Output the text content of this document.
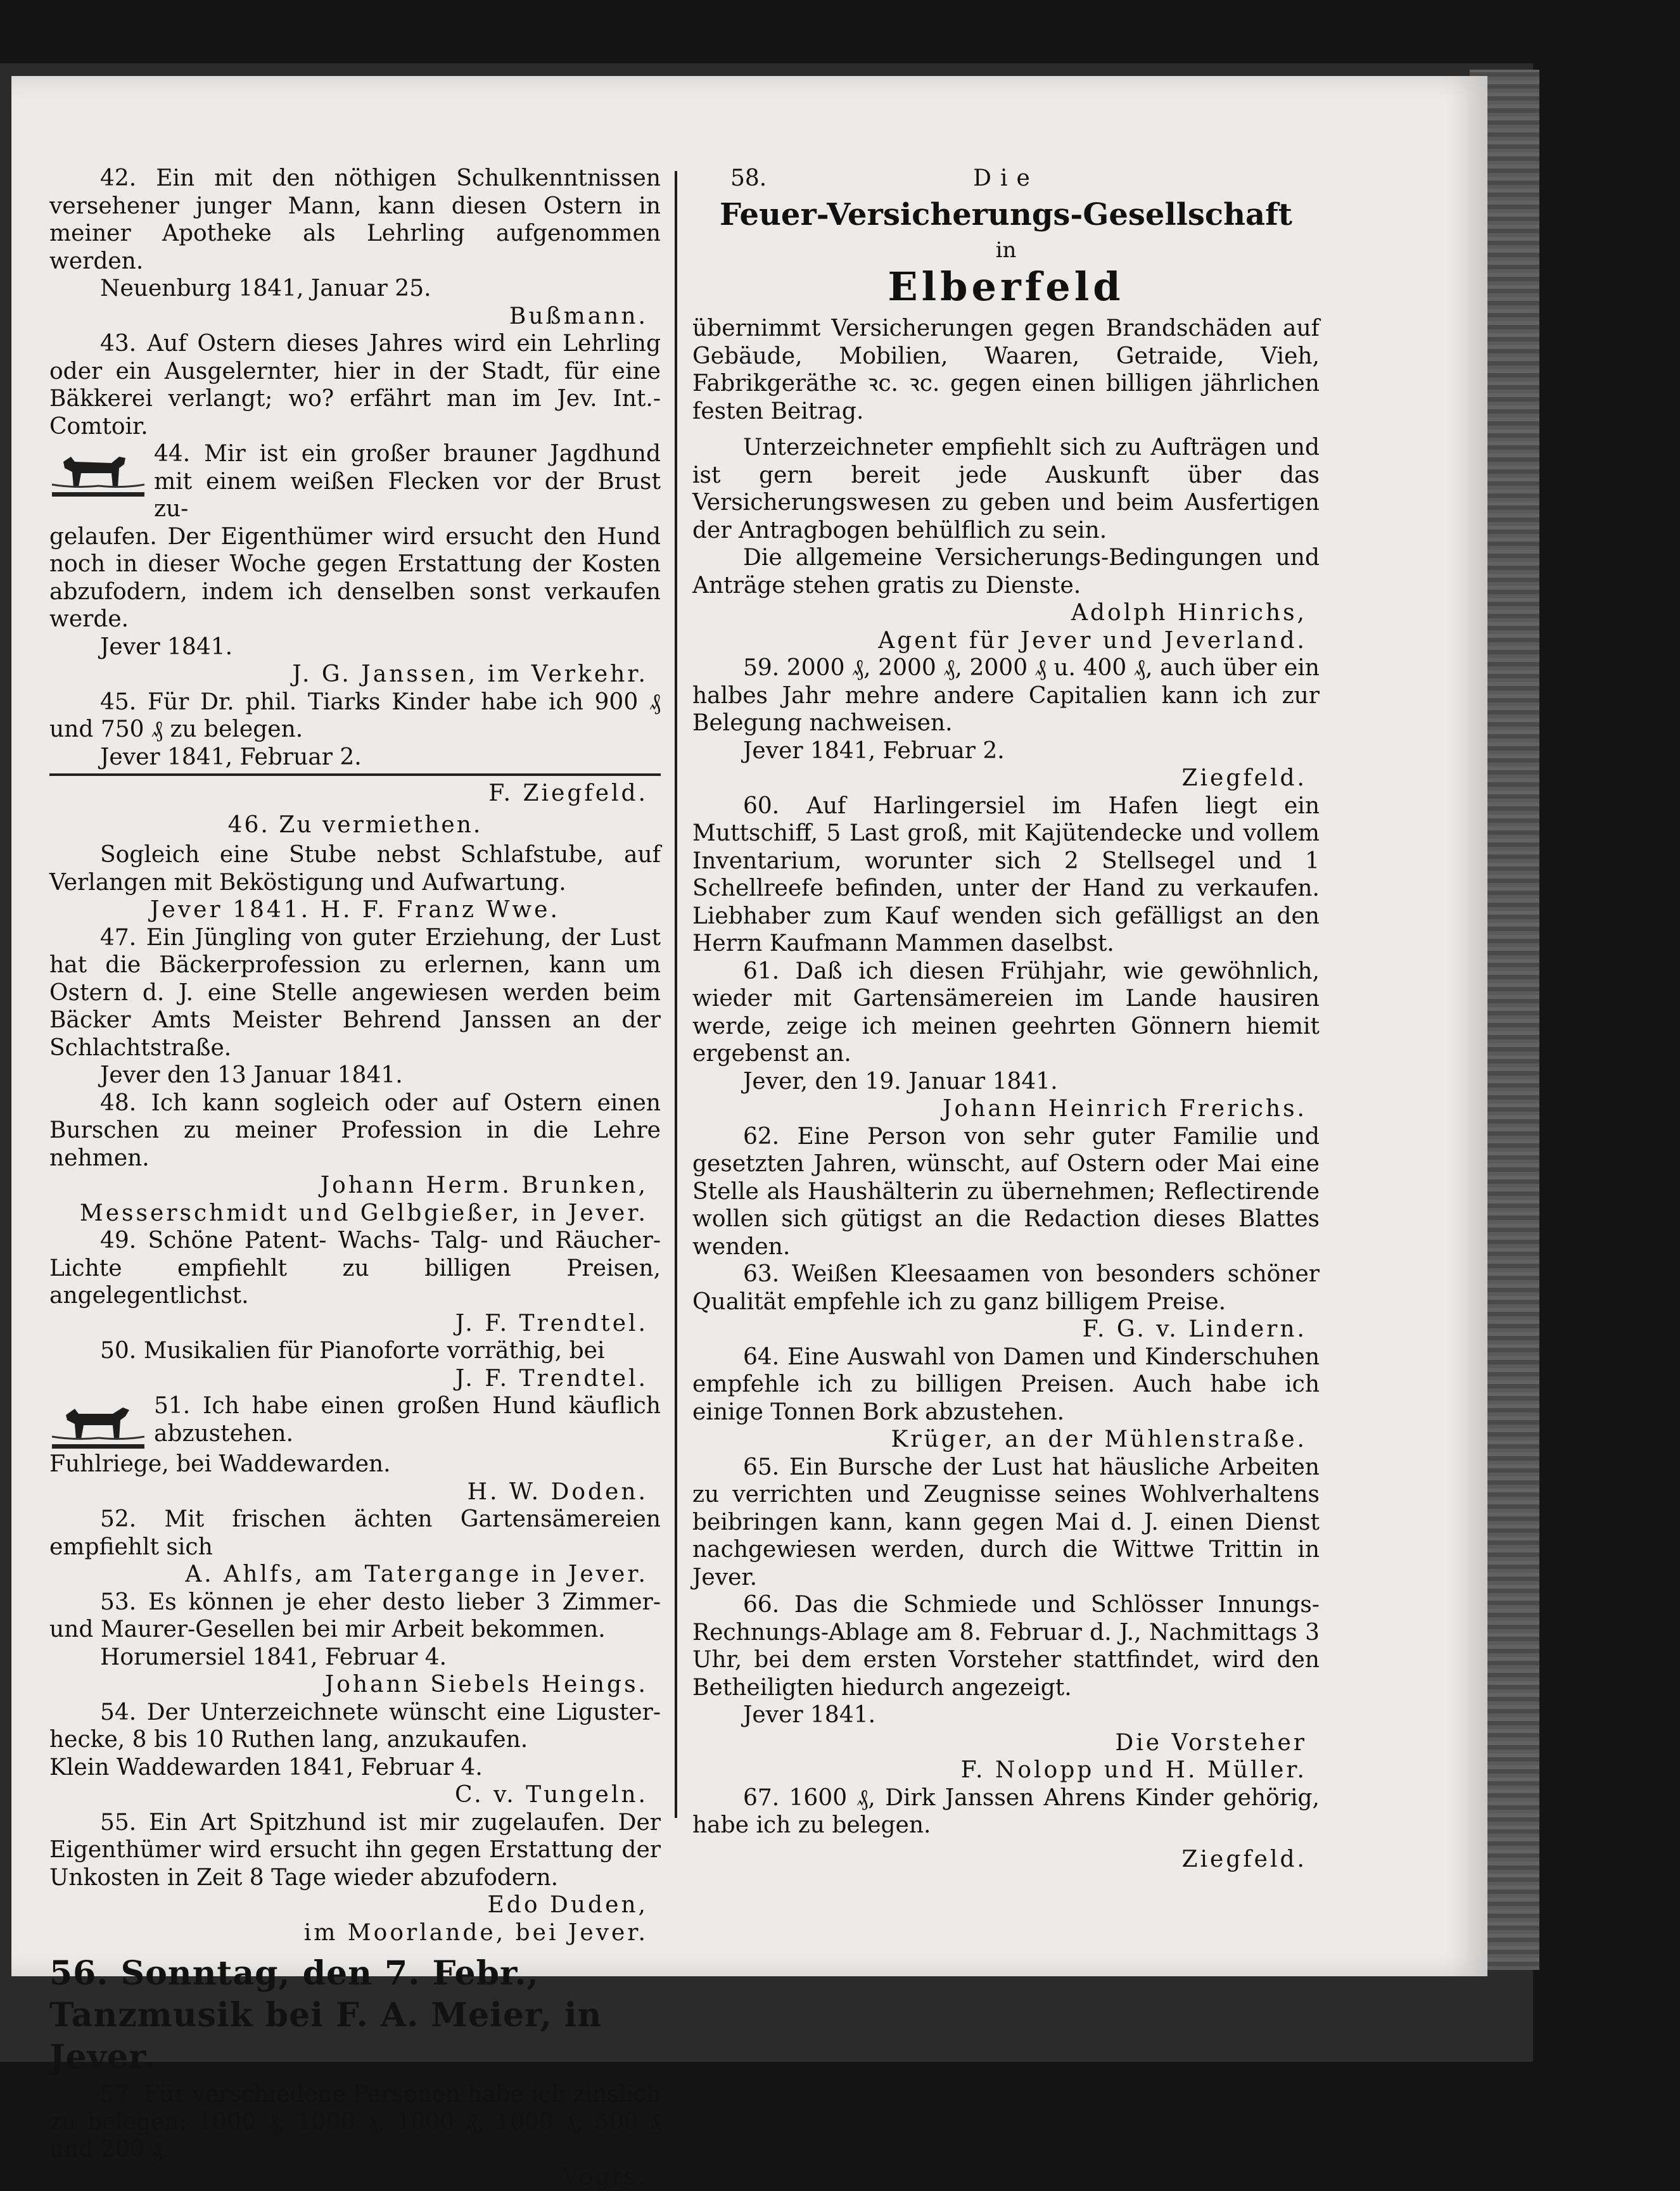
42. Ein mit den nöthigen Schulkenntnissen versehener junger Mann, kann diesen Ostern in meiner Apotheke als Lehrling aufgenommen werden.

Neuenburg 1841, Januar 25.

Bußmann.

43. Auf Ostern dieses Jahres wird ein Lehrling oder ein Ausgelernter, hier in der Stadt, für eine Bäkkerei verlangt; wo? erfährt man im Jev. Int.-Comtoir.

44. Mir ist ein großer brauner Jagdhund mit einem weißen Flecken vor der Brust zu-

gelaufen. Der Eigenthümer wird ersucht den Hund noch in dieser Woche gegen Erstattung der Kosten abzufodern, indem ich denselben sonst verkaufen werde.

Jever 1841.

J. G. Janssen, im Verkehr.

45. Für Dr. phil. Tiarks Kinder habe ich 900 ₰ und 750 ₰ zu belegen.

Jever 1841, Februar 2.

F. Ziegfeld.

46. Zu vermiethen.

Sogleich eine Stube nebst Schlafstube, auf Verlangen mit Beköstigung und Aufwartung.

Jever 1841. H. F. Franz Wwe.

47. Ein Jüngling von guter Erziehung, der Lust hat die Bäckerprofession zu erlernen, kann um Ostern d. J. eine Stelle angewiesen werden beim Bäcker Amts Meister Behrend Janssen an der Schlachtstraße.

Jever den 13 Januar 1841.

48. Ich kann sogleich oder auf Ostern einen Burschen zu meiner Profession in die Lehre nehmen.

Johann Herm. Brunken,

Messerschmidt und Gelbgießer, in Jever.

49. Schöne Patent- Wachs- Talg- und Räucher-Lichte empfiehlt zu billigen Preisen, angelegentlichst.

J. F. Trendtel.

50. Musikalien für Pianoforte vorräthig, bei

J. F. Trendtel.

51. Ich habe einen großen Hund käuflich abzustehen.

Fuhlriege, bei Waddewarden.

H. W. Doden.

52. Mit frischen ächten Gartensämereien empfiehlt sich

A. Ahlfs, am Tatergange in Jever.

53. Es können je eher desto lieber 3 Zimmer- und Maurer-Gesellen bei mir Arbeit bekommen.

Horumersiel 1841, Februar 4.

Johann Siebels Heings.

54. Der Unterzeichnete wünscht eine Ligusterhecke, 8 bis 10 Ruthen lang, anzukaufen.

Klein Waddewarden 1841, Februar 4.

C. v. Tungeln.

55. Ein Art Spitzhund ist mir zugelaufen. Der Eigenthümer wird ersucht ihn gegen Erstattung der Unkosten in Zeit 8 Tage wieder abzufodern.

Edo Duden,

im Moorlande, bei Jever.

56. Sonntag, den 7. Febr., Tanzmusik bei F. A. Meier, in Jever.

57. Für verschiedene Personen habe ich zinslich zu belegen: 1000 ₰, 1000 ₰, 1000 ₰, 1000 ₰, 500 ₰ und 200 ₰.

Vogts.

58.	Die

Feuer-Versicherungs-Gesellschaft

in

Elberfeld

übernimmt Versicherungen gegen Brandschäden auf Gebäude, Mobilien, Waaren, Getraide, Vieh, Fabrikgeräthe ꝛc. ꝛc. gegen einen billigen jährlichen festen Beitrag.

Unterzeichneter empfiehlt sich zu Aufträgen und ist gern bereit jede Auskunft über das Versicherungswesen zu geben und beim Ausfertigen der Antragbogen behülflich zu sein.

Die allgemeine Versicherungs-Bedingungen und Anträge stehen gratis zu Dienste.

Adolph Hinrichs,

Agent für Jever und Jeverland.

59. 2000 ₰, 2000 ₰, 2000 ₰ u. 400 ₰, auch über ein halbes Jahr mehre andere Capitalien kann ich zur Belegung nachweisen.

Jever 1841, Februar 2.

Ziegfeld.

60. Auf Harlingersiel im Hafen liegt ein Muttschiff, 5 Last groß, mit Kajütendecke und vollem Inventarium, worunter sich 2 Stellsegel und 1 Schellreefe befinden, unter der Hand zu verkaufen. Liebhaber zum Kauf wenden sich gefälligst an den Herrn Kaufmann Mammen daselbst.

61. Daß ich diesen Frühjahr, wie gewöhnlich, wieder mit Gartensämereien im Lande hausiren werde, zeige ich meinen geehrten Gönnern hiemit ergebenst an.

Jever, den 19. Januar 1841.

Johann Heinrich Frerichs.

62. Eine Person von sehr guter Familie und gesetzten Jahren, wünscht, auf Ostern oder Mai eine Stelle als Haushälterin zu übernehmen; Reflectirende wollen sich gütigst an die Redaction dieses Blattes wenden.

63. Weißen Kleesaamen von besonders schöner Qualität empfehle ich zu ganz billigem Preise.

F. G. v. Lindern.

64. Eine Auswahl von Damen und Kinderschuhen empfehle ich zu billigen Preisen. Auch habe ich einige Tonnen Bork abzustehen.

Krüger, an der Mühlenstraße.

65. Ein Bursche der Lust hat häusliche Arbeiten zu verrichten und Zeugnisse seines Wohlverhaltens beibringen kann, kann gegen Mai d. J. einen Dienst nachgewiesen werden, durch die Wittwe Trittin in Jever.

66. Das die Schmiede und Schlösser Innungs-Rechnungs-Ablage am 8. Februar d. J., Nachmittags 3 Uhr, bei dem ersten Vorsteher stattfindet, wird den Betheiligten hiedurch angezeigt.

Jever 1841.

Die Vorsteher

F. Nolopp und H. Müller.

67. 1600 ₰, Dirk Janssen Ahrens Kinder gehörig, habe ich zu belegen.

Ziegfeld.
